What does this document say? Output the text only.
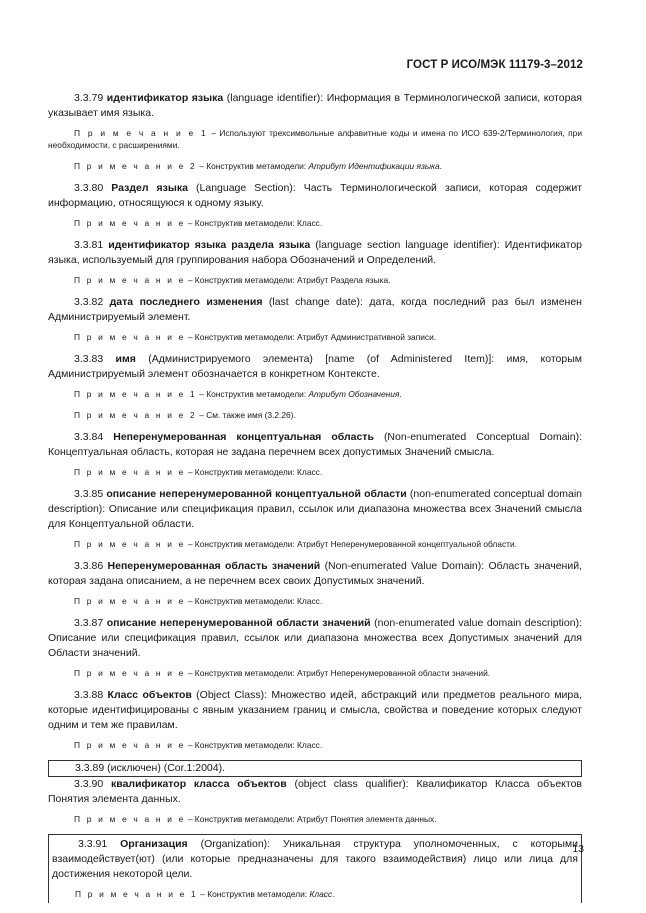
ГОСТ Р ИСО/МЭК 11179-3–2012

3.3.79 идентификатор языка (language identifier): Информация в Терминологической записи, которая указывает имя языка.

П р и м е ч а н и е 1 – Используют трехсимвольные алфавитные коды и имена по ИСО 639-2/Терминология, при необходимости, с расширениями.

П р и м е ч а н и е 2 – Конструктив метамодели: Атрибут Идентификации языка.

3.3.80 Раздел языка (Language Section): Часть Терминологической записи, которая содержит информацию, относящуюся к одному языку.

П р и м е ч а н и е – Конструктив метамодели: Класс.

3.3.81 идентификатор языка раздела языка (language section language identifier): Идентификатор языка, используемый для группирования набора Обозначений и Определений.

П р и м е ч а н и е – Конструктив метамодели: Атрибут Раздела языка.

3.3.82 дата последнего изменения (last change date): дата, когда последний раз был изменен Администрируемый элемент.

П р и м е ч а н и е – Конструктив метамодели: Атрибут Административной записи.

3.3.83 имя (Администрируемого элемента) [name (of Administered Item)]: имя, которым Администрируемый элемент обозначается в конкретном Контексте.

П р и м е ч а н и е 1 – Конструктив метамодели: Атрибут Обозначения.

П р и м е ч а н и е 2 – См. также имя (3.2.26).

3.3.84 Неперенумерованная концептуальная область (Non-enumerated Conceptual Domain): Концептуальная область, которая не задана перечнем всех допустимых Значений смысла.

П р и м е ч а н и е – Конструктив метамодели: Класс.

3.3.85 описание неперенумерованной концептуальной области (non-enumerated conceptual domain description): Описание или спецификация правил, ссылок или диапазона множества всех Значений смысла для Концептуальной области.

П р и м е ч а н и е – Конструктив метамодели: Атрибут Неперенумерованной концептуальной области.

3.3.86 Неперенумерованная область значений (Non-enumerated Value Domain): Область значений, которая задана описанием, а не перечнем всех своих Допустимых значений.

П р и м е ч а н и е – Конструктив метамодели: Класс.

3.3.87 описание неперенумерованной области значений (non-enumerated value domain description): Описание или спецификация правил, ссылок или диапазона множества всех Допустимых значений для Области значений.

П р и м е ч а н и е – Конструктив метамодели: Атрибут Неперенумерованной области значений.

3.3.88 Класс объектов (Object Class): Множество идей, абстракций или предметов реального мира, которые идентифицированы с явным указанием границ и смысла, свойства и поведение которых следуют одним и тем же правилам.

П р и м е ч а н и е – Конструктив метамодели: Класс.

3.3.89 (исключен) (Cor.1:2004).

3.3.90 квалификатор класса объектов (object class qualifier): Квалификатор Класса объектов Понятия элемента данных.

П р и м е ч а н и е – Конструктив метамодели: Атрибут Понятия элемента данных.

3.3.91 Организация (Organization): Уникальная структура уполномоченных, с которыми взаимодействует(ют) (или которые предназначены для такого взаимодействия) лицо или лица для достижения некоторой цели.

П р и м е ч а н и е 1 – Конструктив метамодели: Класс.

13
